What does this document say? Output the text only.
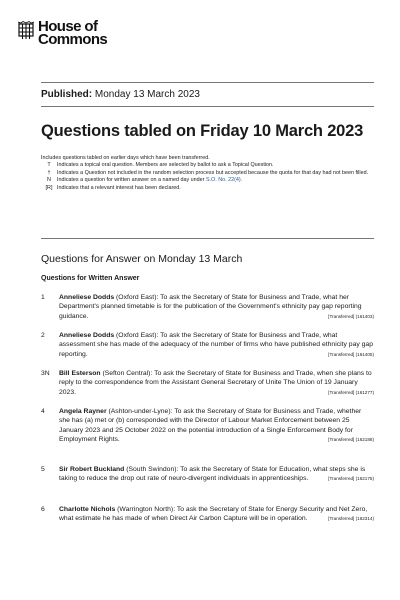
House of
Commons
Published: Monday 13 March 2023
Questions tabled on Friday 10 March 2023
Includes questions tabled on earlier days which have been transferred.
T	Indicates a topical oral question. Members are selected by ballot to ask a Topical Question.
†	Indicates a Question not included in the random selection process but accepted because the quota for that day had not been filled.
N	Indicates a question for written answer on a named day under S.O. No. 22(4).
[R] Indicates that a relevant interest has been declared.
Questions for Answer on Monday 13 March
Questions for Written Answer
1	Anneliese Dodds (Oxford East): To ask the Secretary of State for Business and Trade, what her Department's planned timetable is for the publication of the Government's ethnicity pay gap reporting guidance.	[Transferred] (161403)
2	Anneliese Dodds (Oxford East): To ask the Secretary of State for Business and Trade, what assessment she has made of the adequacy of the number of firms who have published ethnicity pay gap reporting.	[Transferred] (161405)
3N	Bill Esterson (Sefton Central): To ask the Secretary of State for Business and Trade, when she plans to reply to the correspondence from the Assistant General Secretary of Unite The Union of 19 January 2023.	[Transferred] (161277)
4	Angela Rayner (Ashton-under-Lyne): To ask the Secretary of State for Business and Trade, whether she has (a) met or (b) corresponded with the Director of Labour Market Enforcement between 25 January 2023 and 25 October 2022 on the potential introduction of a Single Enforcement Body for Employment Rights.	[Transferred] (162188)
5	Sir Robert Buckland (South Swindon): To ask the Secretary of State for Education, what steps she is taking to reduce the drop out rate of neuro-divergent individuals in apprenticeships.	[Transferred] (162175)
6	Charlotte Nichols (Warrington North): To ask the Secretary of State for Energy Security and Net Zero, what estimate he has made of when Direct Air Carbon Capture will be in operation.	[Transferred] (162314)
